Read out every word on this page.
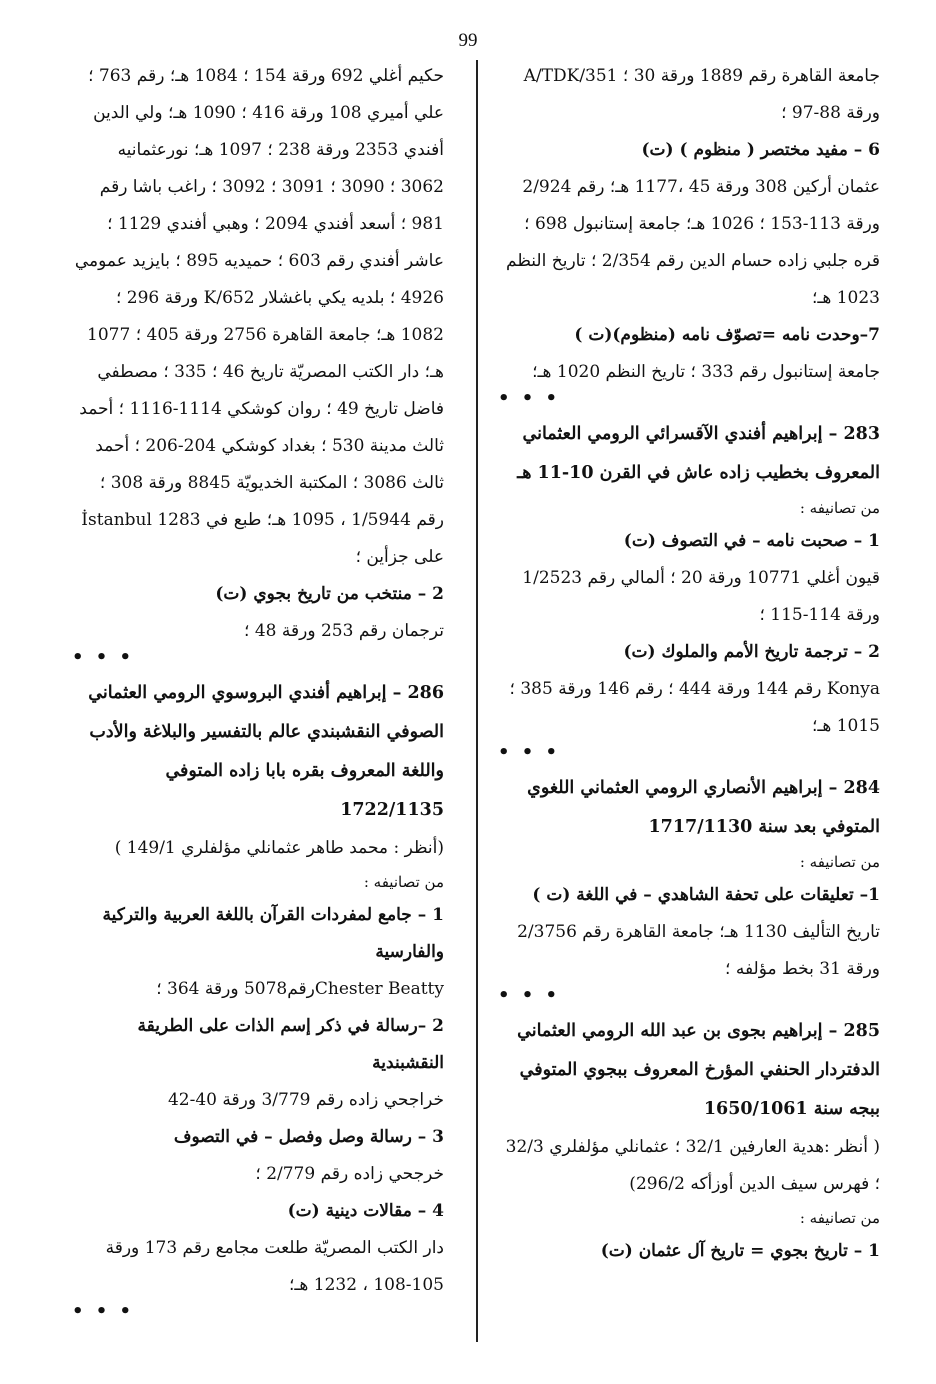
99
جامعة القاهرة رقم 1889 ورقة 30 ؛ 351/A/TDK ورقة 88-97 ؛
6 – مفيد مختصر ( منظوم ) (ت)
عثمان أركين 308 ورقة 45 ،1177 هـ؛ رقم 2/924 ورقة 113-153 ؛ 1026 هـ؛ جامعة إستانبول 698 ؛ قره جلبي زاده حسام الدين رقم 2/354 ؛ تاريخ النظم 1023 هـ؛
7–وحدت نامه =تصوّف نامه (منظوم)(ت )
جامعة إستانبول رقم 333 ؛ تاريخ النظم 1020 هـ؛
• • •
283 – إبراهيم أفندي الآقسرائي الرومي العثماني المعروف بخطيب زاده عاش في القرن 10-11 هـ
من تصانيفه :
1 – صحبت نامه – في التصوف (ت)
قيون أغلي 10771 ورقة 20 ؛ ألمالي رقم 1/2523 ورقة 114-115 ؛
2 – ترجمة تاريخ الأمم والملوك (ت)
Konya رقم 144 ورقة 444 ؛ رقم 146 ورقة 385 ؛ 1015 هـ؛
• • •
284 – إبراهيم الأنصاري الرومي العثماني اللغوي المتوفي بعد سنة 1717/1130
من تصانيفه :
1– تعليقات على تحفة الشاهدي – في اللغة (ت )
تاريخ التأليف 1130 هـ؛ جامعة القاهرة رقم 2/3756 ورقة 31 بخط مؤلفه ؛
• • •
285 – إبراهيم بجوى بن عبد الله الرومي العثماني الدفتردار الحنفي المؤرخ المعروف ببجوي المتوفي ببجه سنة 1650/1061
( أنظر :هدية العارفين 32/1 ؛ عثمانلي مؤلفلري 32/3 ؛ فهرس سيف الدين أوزأكه 296/2)
من تصانيفه :
1 – تاريخ بجوي = تاريخ آل عثمان (ت)
حكيم أغلي 692 ورقة 154 ؛ 1084 هـ؛ رقم 763 ؛ علي أميري 108 ورقة 416 ؛ 1090 هـ؛ ولي الدين أفندي 2353 ورقة 238 ؛ 1097 هـ؛ نورعثمانيه 3062 ؛ 3090 ؛ 3091 ؛ 3092 ؛ راغب باشا رقم 981 ؛ أسعد أفندي 2094 ؛ وهبي أفندي 1129 ؛ عاشر أفندي رقم 603 ؛ حميديه 895 ؛ بايزيد عمومي 4926 ؛ بلديه يكي باغشلار 652/K ورقة 296 ؛ 1082 هـ؛ جامعة القاهرة 2756 ورقة 405 ؛ 1077 هـ؛ دار الكتب المصريّة تاريخ 46 ؛ 335 ؛ مصطفي فاضل تاريخ 49 ؛ روان كوشكي 1114-1116 ؛ أحمد ثالث مدينة 530 ؛ بغداد كوشكي 204-206 ؛ أحمد ثالث 3086 ؛ المكتبة الخديويّة 8845 ورقة 308 ؛ رقم 1/5944 ، 1095 هـ؛ طبع في İstanbul 1283 على جزأين ؛
2 – منتخب من تاريخ بجوي (ت)
ترجمان رقم 253 ورقة 48 ؛
• • •
286 – إبراهيم أفندي البروسوي الرومي العثماني الصوفي النقشبندي عالم بالتفسير والبلاغة والأدب واللغة المعروف بقره بابا زاده المتوفي 1722/1135
(أنظر : محمد طاهر عثمانلي مؤلفلري 149/1 )
من تصانيفه :
1 – جامع لمفردات القرآن باللغة العربية والتركية والفارسية
Chester Beattyرقم5078 ورقة 364 ؛
2 –رسالة في ذكر إسم الذات على الطريقة النقشبندية
خراجحي زاده رقم 3/779 ورقة 40-42
3 – رسالة وصل وفصل – في التصوف
خرجحي زاده رقم 2/779 ؛
4 – مقالات دينية (ت)
دار الكتب المصريّة طلعت مجامع رقم 173 ورقة 105-108 ، 1232 هـ؛
• • •
